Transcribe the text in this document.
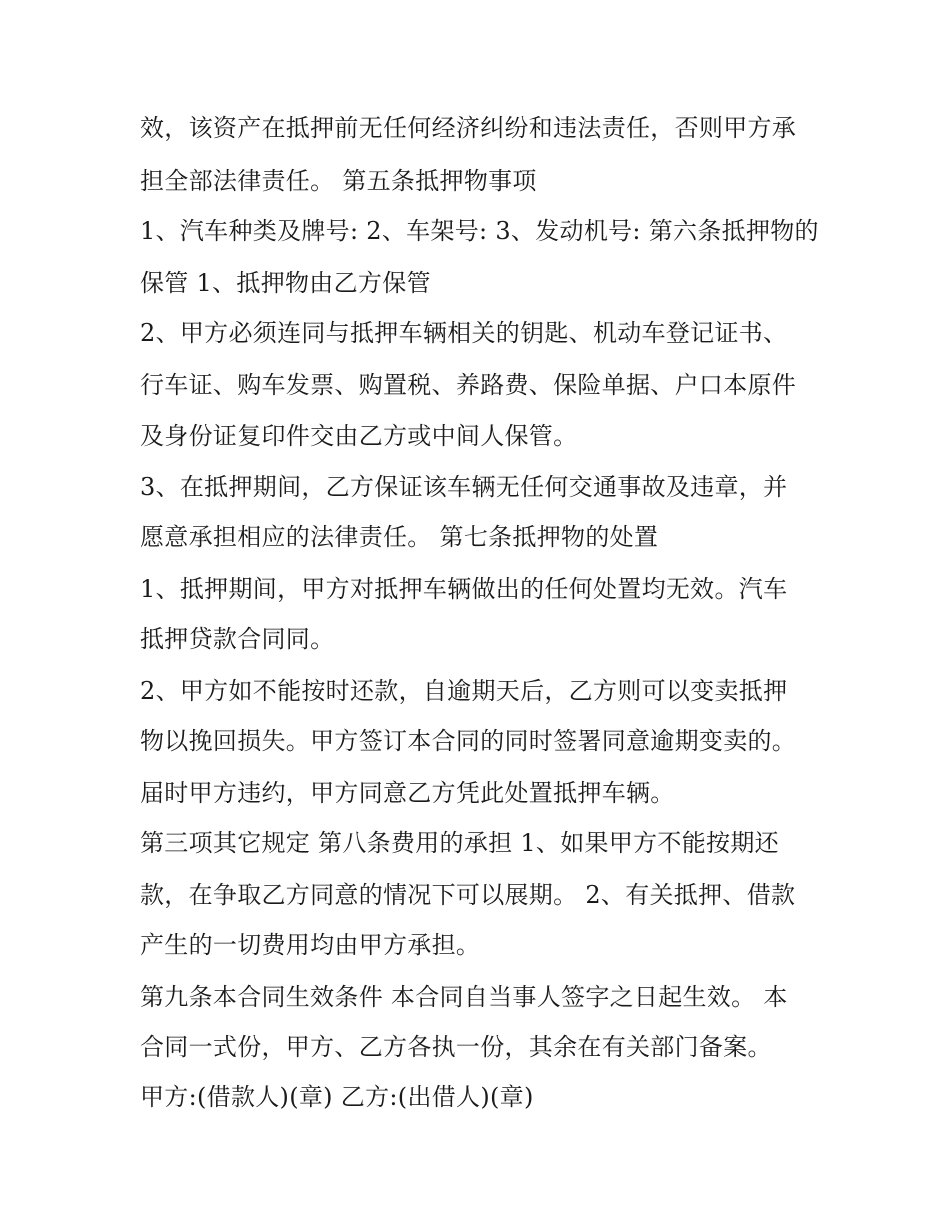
效，该资产在抵押前无任何经济纠纷和违法责任，否则甲方承
担全部法律责任。 第五条抵押物事项
1、汽车种类及牌号: 2、车架号: 3、发动机号: 第六条抵押物的
保管 1、抵押物由乙方保管
2、甲方必须连同与抵押车辆相关的钥匙、机动车登记证书、
行车证、购车发票、购置税、养路费、保险单据、户口本原件
及身份证复印件交由乙方或中间人保管。
3、在抵押期间，乙方保证该车辆无任何交通事故及违章，并
愿意承担相应的法律责任。 第七条抵押物的处置
1、抵押期间，甲方对抵押车辆做出的任何处置均无效。汽车
抵押贷款合同同。
2、甲方如不能按时还款，自逾期天后，乙方则可以变卖抵押
物以挽回损失。甲方签订本合同的同时签署同意逾期变卖的。
届时甲方违约，甲方同意乙方凭此处置抵押车辆。
第三项其它规定 第八条费用的承担 1、如果甲方不能按期还
款，在争取乙方同意的情况下可以展期。 2、有关抵押、借款
产生的一切费用均由甲方承担。
第九条本合同生效条件 本合同自当事人签字之日起生效。 本
合同一式份，甲方、乙方各执一份，其余在有关部门备案。
甲方:(借款人)(章) 乙方:(出借人)(章)
